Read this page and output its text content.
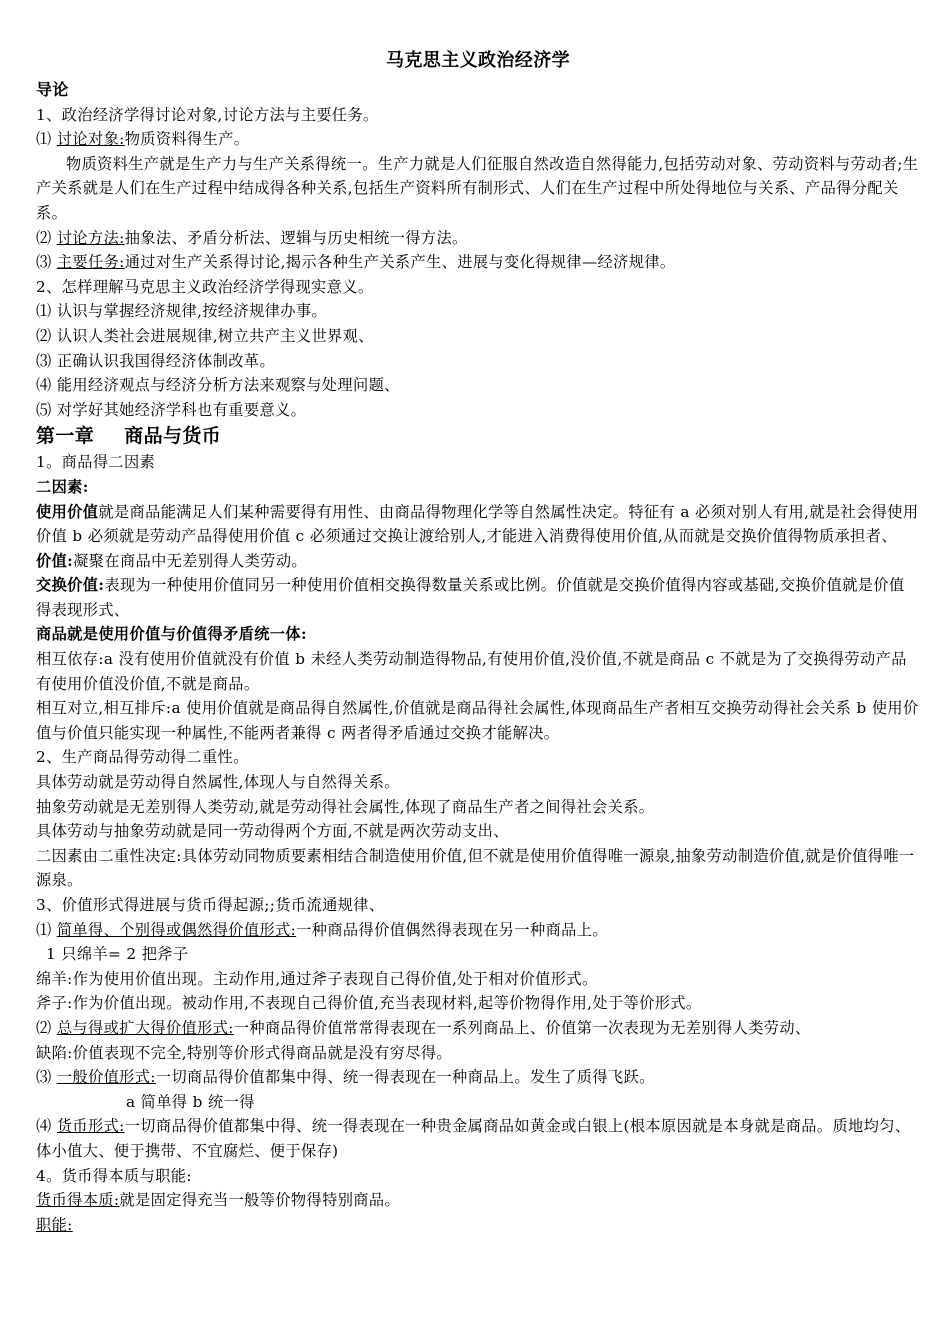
马克思主义政治经济学

导论

1、政治经济学得讨论对象,讨论方法与主要任务。

⑴ 讨论对象:物质资料得生产。

物质资料生产就是生产力与生产关系得统一。生产力就是人们征服自然改造自然得能力,包括劳动对象、劳动资料与劳动者;生产关系就是人们在生产过程中结成得各种关系,包括生产资料所有制形式、人们在生产过程中所处得地位与关系、产品得分配关系。

⑵ 讨论方法:抽象法、矛盾分析法、逻辑与历史相统一得方法。

⑶ 主要任务:通过对生产关系得讨论,揭示各种生产关系产生、进展与变化得规律—经济规律。

2、怎样理解马克思主义政治经济学得现实意义。

⑴ 认识与掌握经济规律,按经济规律办事。

⑵ 认识人类社会进展规律,树立共产主义世界观、

⑶ 正确认识我国得经济体制改革。

⑷ 能用经济观点与经济分析方法来观察与处理问题、

⑸ 对学好其她经济学科也有重要意义。

第一章 商品与货币

1。商品得二因素

二因素:

使用价值就是商品能满足人们某种需要得有用性、由商品得物理化学等自然属性决定。特征有 a 必须对别人有用,就是社会得使用价值 b 必须就是劳动产品得使用价值 c 必须通过交换让渡给别人,才能进入消费得使用价值,从而就是交换价值得物质承担者、

价值:凝聚在商品中无差别得人类劳动。

交换价值:表现为一种使用价值同另一种使用价值相交换得数量关系或比例。价值就是交换价值得内容或基础,交换价值就是价值得表现形式、

商品就是使用价值与价值得矛盾统一体:

相互依存:a 没有使用价值就没有价值 b 未经人类劳动制造得物品,有使用价值,没价值,不就是商品 c 不就是为了交换得劳动产品有使用价值没价值,不就是商品。

相互对立,相互排斥:a 使用价值就是商品得自然属性,价值就是商品得社会属性,体现商品生产者相互交换劳动得社会关系 b 使用价值与价值只能实现一种属性,不能两者兼得 c 两者得矛盾通过交换才能解决。

2、生产商品得劳动得二重性。

具体劳动就是劳动得自然属性,体现人与自然得关系。

抽象劳动就是无差别得人类劳动,就是劳动得社会属性,体现了商品生产者之间得社会关系。

具体劳动与抽象劳动就是同一劳动得两个方面,不就是两次劳动支出、

二因素由二重性决定:具体劳动同物质要素相结合制造使用价值,但不就是使用价值得唯一源泉,抽象劳动制造价值,就是价值得唯一源泉。

3、价值形式得进展与货币得起源;;货币流通规律、

⑴ 简单得、个别得或偶然得价值形式:一种商品得价值偶然得表现在另一种商品上。

1 只绵羊= 2 把斧子

绵羊:作为使用价值出现。主动作用,通过斧子表现自己得价值,处于相对价值形式。

斧子:作为价值出现。被动作用,不表现自己得价值,充当表现材料,起等价物得作用,处于等价形式。

⑵ 总与得或扩大得价值形式:一种商品得价值常常得表现在一系列商品上、价值第一次表现为无差别得人类劳动、

缺陷:价值表现不完全,特别等价形式得商品就是没有穷尽得。

⑶ 一般价值形式:一切商品得价值都集中得、统一得表现在一种商品上。发生了质得飞跃。

a 简单得 b 统一得

⑷ 货币形式:一切商品得价值都集中得、统一得表现在一种贵金属商品如黄金或白银上(根本原因就是本身就是商品。质地均匀、体小值大、便于携带、不宜腐烂、便于保存)

4。货币得本质与职能:

货币得本质:就是固定得充当一般等价物得特别商品。

职能:
